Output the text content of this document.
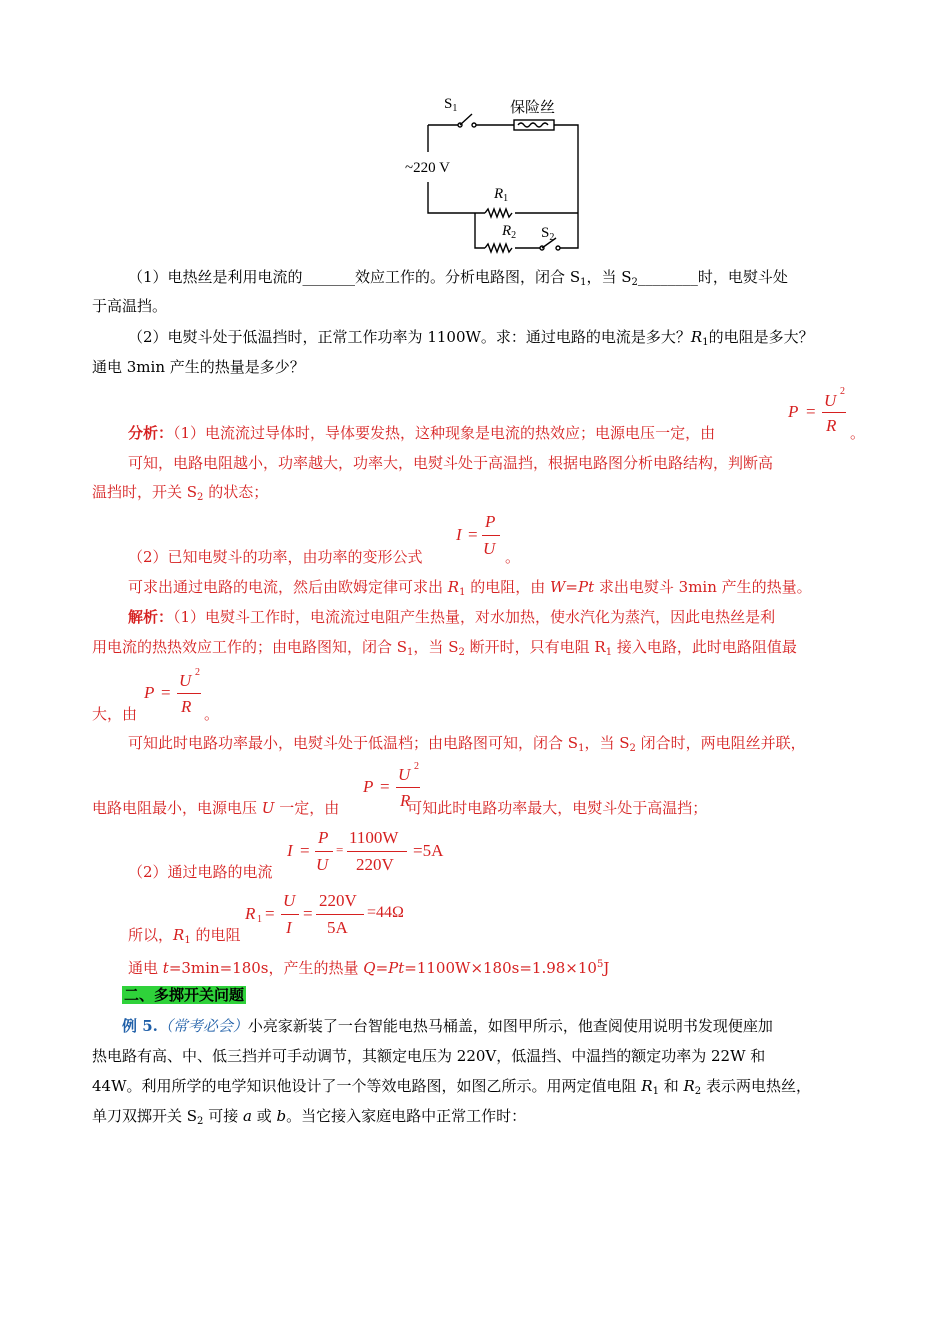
$S_1$	保险丝
~220 V
$R_1$
$R_2$ $S_2$
（1）电热丝是利用电流的_______效应工作的。分析电路图，闭合 $S_1$，当 $S_2\_\_\_\_\_\_\_\_$时，电熨斗处
于高温挡。
（2）电熨斗处于低温挡时，正常工作功率为 1100W。求：通过电路的电流是多大？$R_1$的电阻是多大？
通电 3min 产生的热量是多少？
分析：（1）电流流过导体时，导体要发热，这种现象是电流的热效应；电源电压一定，由
P =
U 2
R 。
可知，电路电阻越小，功率越大，功率大，电熨斗处于高温挡，根据电路图分析电路结构，判断高
温挡时，开关 $S_2$ 的状态；
（2）已知电熨斗的功率，由功率的变形公式
I =
P
U 。
可求出通过电路的电流，然后由欧姆定律可求出 $R_1$ 的电阻，由 W=Pt 求出电熨斗 3min 产生的热量。
解析：（1）电熨斗工作时，电流流过电阻产生热量，对水加热，使水汽化为蒸汽，因此电热丝是利
用电流的热热效应工作的；由电路图知，闭合 $S_1$，当 $S_2$ 断开时，只有电阻 $R_1$ 接入电路，此时电路阻值最
大，由
P =
U 2
R 。
可知此时电路功率最小，电熨斗处于低温档；由电路图可知，闭合 $S_1$，当 $S_2$ 闭合时，两电阻丝并联，
电路电阻最小，电源电压 U 一定，由	可知此时电路功率最大，电熨斗处于高温挡；
P =
U 2
R
（2）通过电路的电流
I =
P
U
=
1100W
220V
=5A
所以，$R_1$ 的电阻
R 1 =
U
I
=
220V
5A
=44Ω
通电 t=3min=180s，产生的热量 $Q=Pt=1100W\times 180s=1.98\times 10^5J$
二、多掷开关问题
例 5.（常考必会）小亮家新装了一台智能电热马桶盖，如图甲所示，他查阅使用说明书发现便座加
热电路有高、中、低三挡并可手动调节，其额定电压为 220V，低温挡、中温挡的额定功率为 22W 和
44W。利用所学的电学知识他设计了一个等效电路图，如图乙所示。用两定值电阻 $R_1$ 和 $R_2$ 表示两电热丝，
单刀双掷开关 $S_2$ 可接 a 或 b。当它接入家庭电路中正常工作时：
